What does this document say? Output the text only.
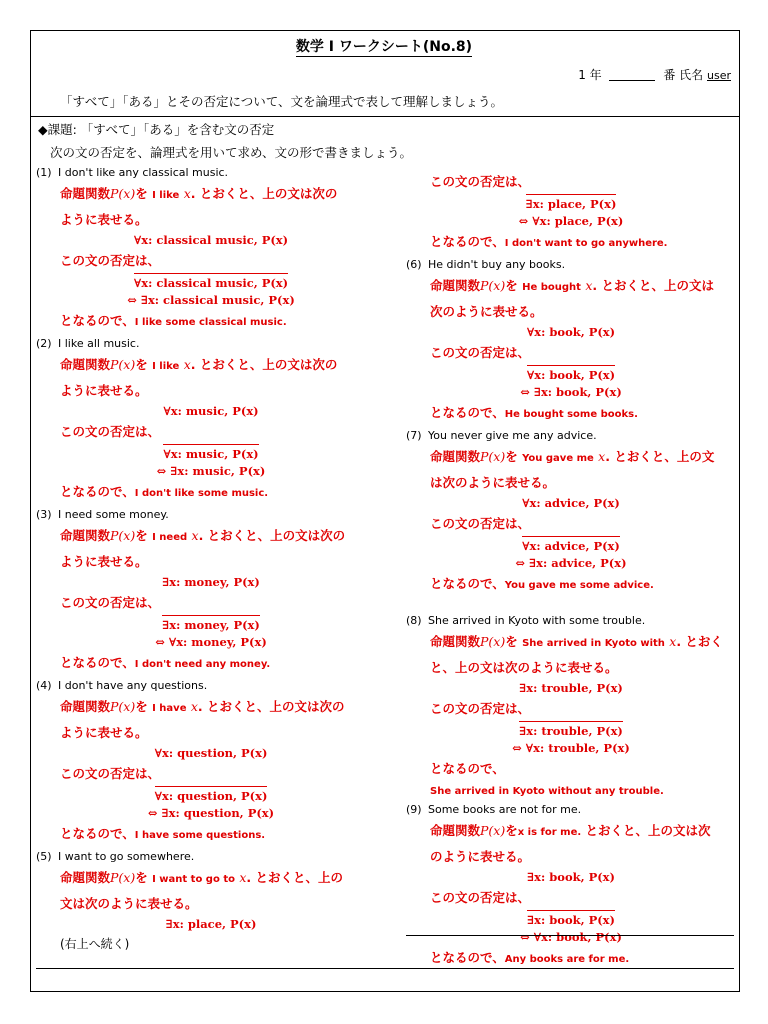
数学 I ワークシート(No.8)
1 年	番 氏名 user
「すべて」「ある」とその否定について、文を論理式で表して理解しましょう。
◆課題: 「すべて」「ある」を含む文の否定
次の文の否定を、論理式を用いて求め、文の形で書きましょう。
(1) I don't like any classical music.
命題関数P(x)を I like x. とおくと、上の文は次の
ように表せる。
∀x: classical music, P(x)
この文の否定は、
∀x: classical music, P(x)
⇔ ∃x: classical music, P(x)
となるので、I like some classical music.
(2) I like all music.
命題関数P(x)を I like x. とおくと、上の文は次の
ように表せる。
∀x: music, P(x)
この文の否定は、
∀x: music, P(x)
⇔ ∃x: music, P(x)
となるので、I don't like some music.
(3) I need some money.
命題関数P(x)を I need x. とおくと、上の文は次の
ように表せる。
∃x: money, P(x)
この文の否定は、
∃x: money, P(x)
⇔ ∀x: money, P(x)
となるので、I don't need any money.
(4) I don't have any questions.
命題関数P(x)を I have x. とおくと、上の文は次の
ように表せる。
∀x: question, P(x)
この文の否定は、
∀x: question, P(x)
⇔ ∃x: question, P(x)
となるので、I have some questions.
(5) I want to go somewhere.
命題関数P(x)を I want to go to x. とおくと、上の
文は次のように表せる。
∃x: place, P(x)
(右上へ続く)
この文の否定は、
∃x: place, P(x)
⇔ ∀x: place, P(x)
となるので、I don't want to go anywhere.
(6) He didn't buy any books.
命題関数P(x)を He bought x. とおくと、上の文は
次のように表せる。
∀x: book, P(x)
この文の否定は、
∀x: book, P(x)
⇔ ∃x: book, P(x)
となるので、He bought some books.
(7) You never give me any advice.
命題関数P(x)を You gave me x. とおくと、上の文
は次のように表せる。
∀x: advice, P(x)
この文の否定は、
∀x: advice, P(x)
⇔ ∃x: advice, P(x)
となるので、You gave me some advice.
(8) She arrived in Kyoto with some trouble.
命題関数P(x)を She arrived in Kyoto with x. とおく
と、上の文は次のように表せる。
∃x: trouble, P(x)
この文の否定は、
∃x: trouble, P(x)
⇔ ∀x: trouble, P(x)
となるので、
She arrived in Kyoto without any trouble.
(9) Some books are not for me.
命題関数P(x)をx is for me. とおくと、上の文は次
のように表せる。
∃x: book, P(x)
この文の否定は、
∃x: book, P(x)
⇔ ∀x: book, P(x)
となるので、Any books are for me.
